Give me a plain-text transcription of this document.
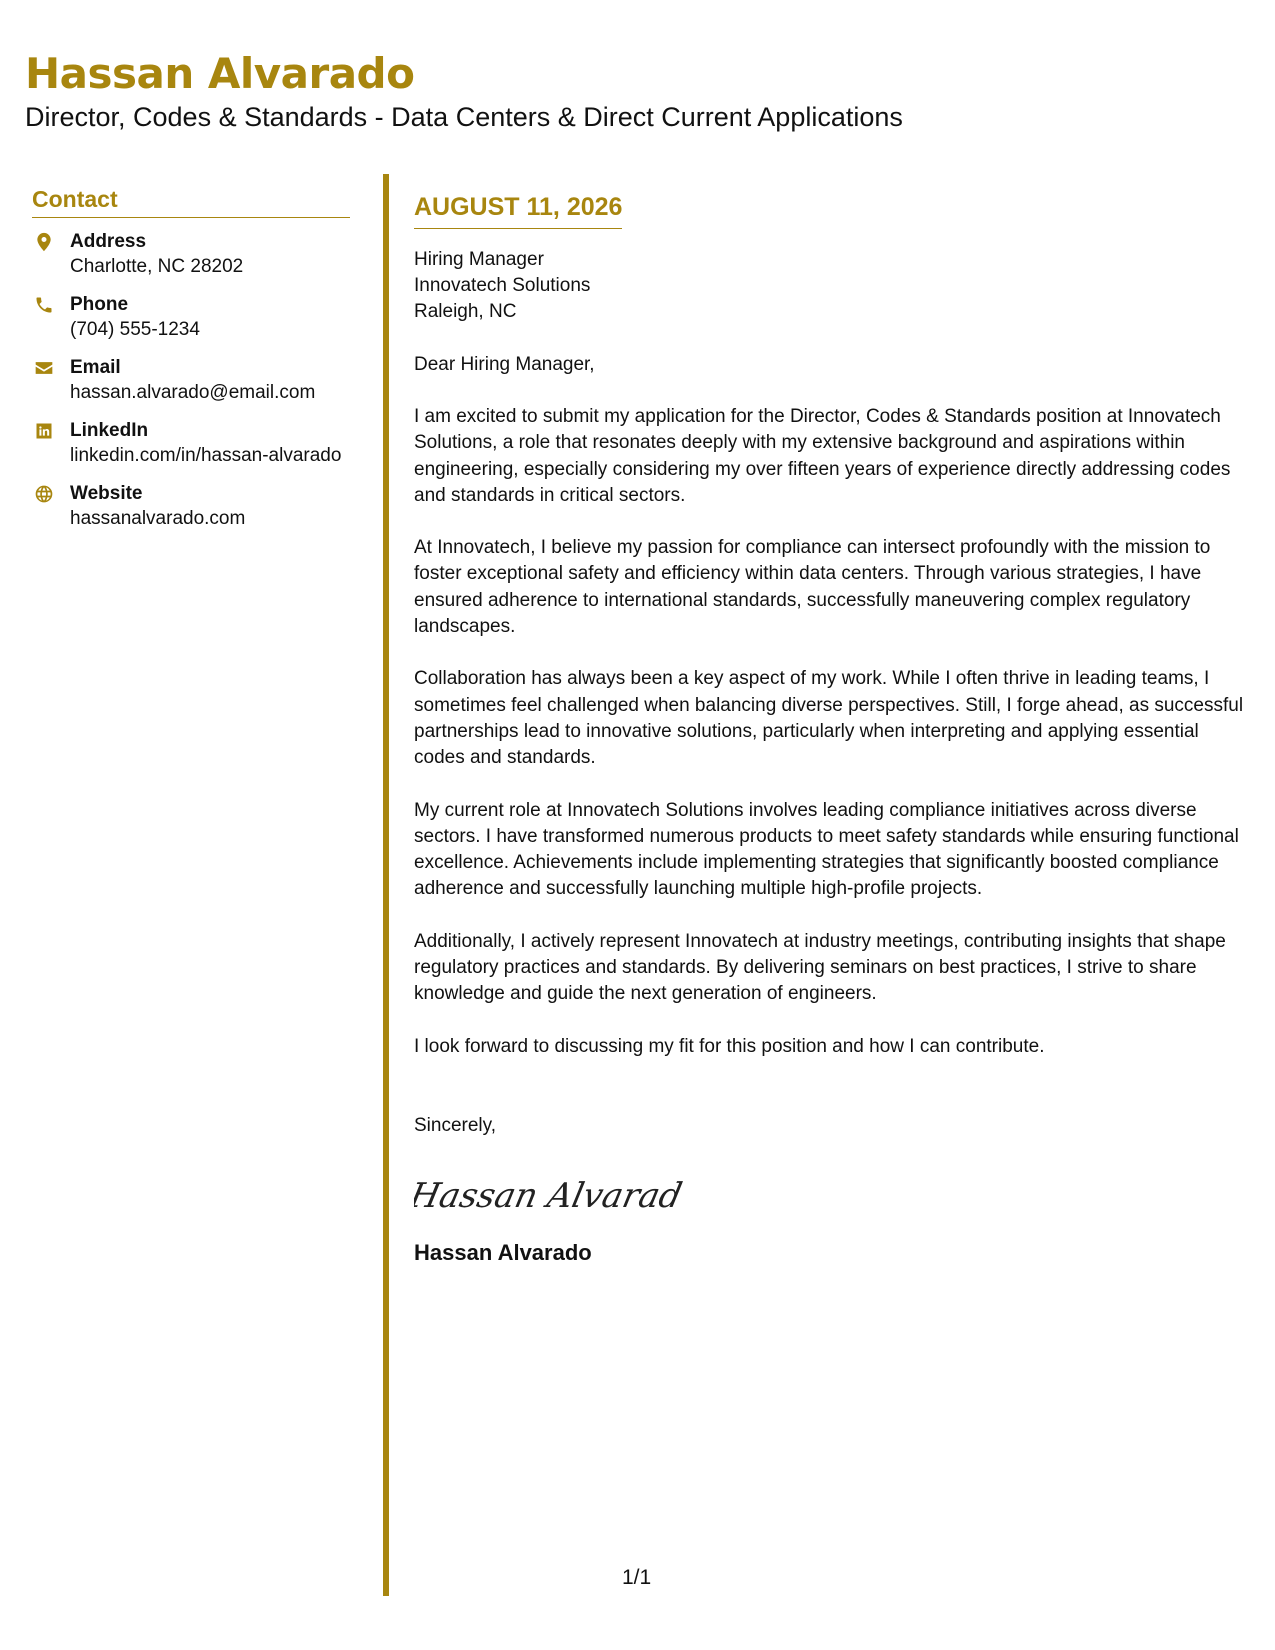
Hassan Alvarado

Director, Codes & Standards - Data Centers & Direct Current Applications

Contact
Address
Charlotte, NC 28202
Phone
(704) 555-1234
Email
hassan.alvarado@email.com
LinkedIn
linkedin.com/in/hassan-alvarado
Website
hassanalvarado.com
AUGUST 11, 2026
Hiring Manager
Innovatech Solutions
Raleigh, NC
Dear Hiring Manager,

I am excited to submit my application for the Director, Codes & Standards position at Innovatech Solutions, a role that resonates deeply with my extensive background and aspirations within engineering, especially considering my over fifteen years of experience directly addressing codes and standards in critical sectors.

At Innovatech, I believe my passion for compliance can intersect profoundly with the mission to foster exceptional safety and efficiency within data centers. Through various strategies, I have ensured adherence to international standards, successfully maneuvering complex regulatory landscapes.

Collaboration has always been a key aspect of my work. While I often thrive in leading teams, I sometimes feel challenged when balancing diverse perspectives. Still, I forge ahead, as successful partnerships lead to innovative solutions, particularly when interpreting and applying essential codes and standards.

My current role at Innovatech Solutions involves leading compliance initiatives across diverse sectors. I have transformed numerous products to meet safety standards while ensuring functional excellence. Achievements include implementing strategies that significantly boosted compliance adherence and successfully launching multiple high-profile projects.

Additionally, I actively represent Innovatech at industry meetings, contributing insights that shape regulatory practices and standards. By delivering seminars on best practices, I strive to share knowledge and guide the next generation of engineers.

I look forward to discussing my fit for this position and how I can contribute.

Sincerely,
Hassan Alvarad
Hassan Alvarado
1/1
